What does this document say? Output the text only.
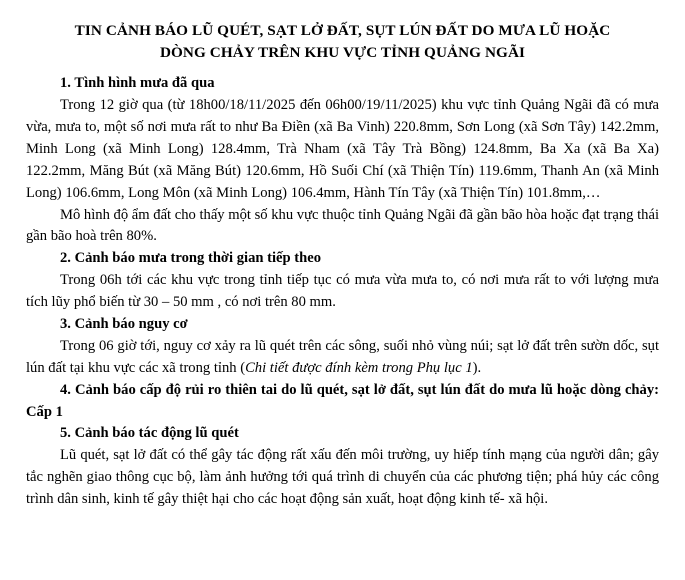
TIN CẢNH BÁO LŨ QUÉT, SẠT LỞ ĐẤT, SỤT LÚN ĐẤT DO MƯA LŨ HOẶC
DÒNG CHẢY TRÊN KHU VỰC TỈNH QUẢNG NGÃI

1. Tình hình mưa đã qua

Trong 12 giờ qua (từ 18h00/18/11/2025 đến 06h00/19/11/2025) khu vực tỉnh Quảng Ngãi đã có mưa vừa, mưa to, một số nơi mưa rất to như Ba Điền (xã Ba Vinh) 220.8mm, Sơn Long (xã Sơn Tây) 142.2mm, Minh Long (xã Minh Long) 128.4mm, Trà Nham (xã Tây Trà Bồng) 124.8mm, Ba Xa (xã Ba Xa) 122.2mm, Măng Bút (xã Măng Bút) 120.6mm, Hồ Suối Chí (xã Thiện Tín) 119.6mm, Thanh An (xã Minh Long) 106.6mm, Long Môn (xã Minh Long) 106.4mm, Hành Tín Tây (xã Thiện Tín) 101.8mm,…

Mô hình độ ẩm đất cho thấy một số khu vực thuộc tỉnh Quảng Ngãi đã gần bão hòa hoặc đạt trạng thái gần bão hoà trên 80%.

2. Cảnh báo mưa trong thời gian tiếp theo

Trong 06h tới các khu vực trong tỉnh tiếp tục có mưa vừa mưa to, có nơi mưa rất to với lượng mưa tích lũy phổ biến từ 30 – 50 mm , có nơi trên 80 mm.

3. Cảnh báo nguy cơ

Trong 06 giờ tới, nguy cơ xảy ra lũ quét trên các sông, suối nhỏ vùng núi; sạt lở đất trên sườn dốc, sụt lún đất tại khu vực các xã trong tỉnh (Chi tiết được đính kèm trong Phụ lục 1).

4. Cảnh báo cấp độ rủi ro thiên tai do lũ quét, sạt lở đất, sụt lún đất do mưa lũ hoặc dòng chảy: Cấp 1

5. Cảnh báo tác động lũ quét

Lũ quét, sạt lở đất có thể gây tác động rất xấu đến môi trường, uy hiếp tính mạng của người dân; gây tắc nghẽn giao thông cục bộ, làm ảnh hưởng tới quá trình di chuyển của các phương tiện; phá hủy các công trình dân sinh, kinh tế gây thiệt hại cho các hoạt động sản xuất, hoạt động kinh tế- xã hội.
